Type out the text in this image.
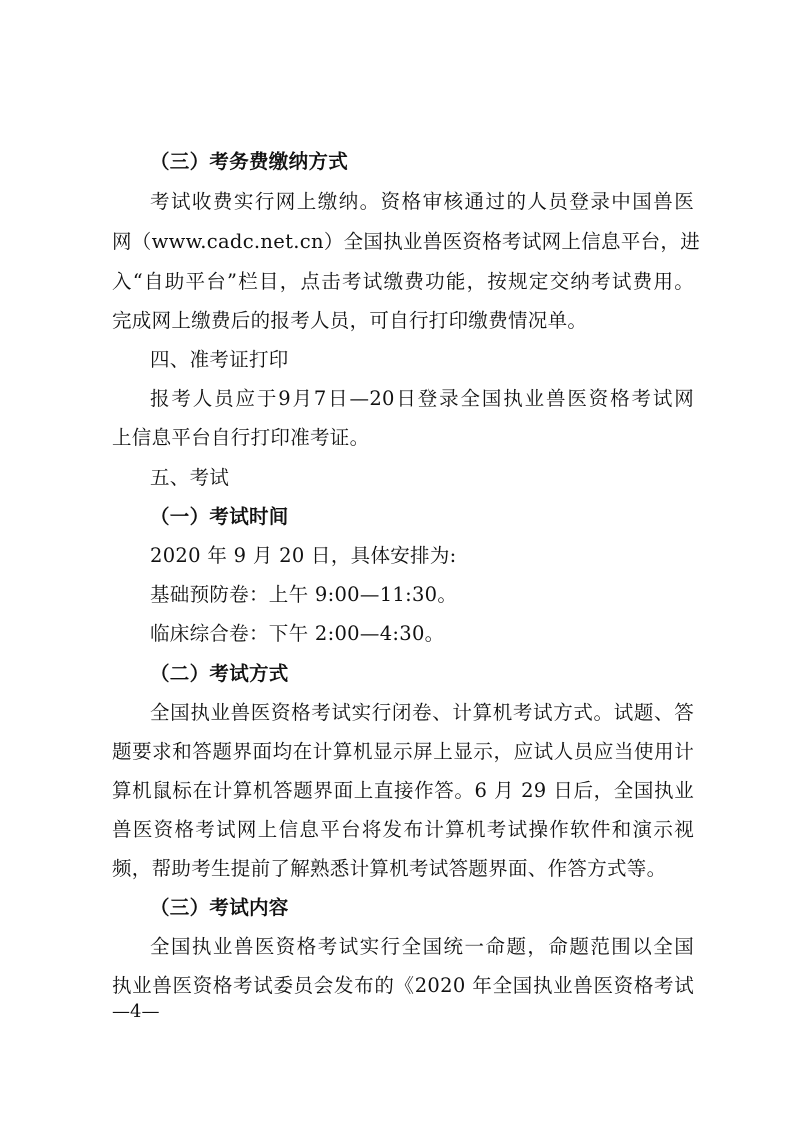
（三）考务费缴纳方式
考试收费实行网上缴纳。资格审核通过的人员登录中国兽医
网（www.cadc.net.cn）全国执业兽医资格考试网上信息平台，进
入“自助平台”栏目，点击考试缴费功能，按规定交纳考试费用。
完成网上缴费后的报考人员，可自行打印缴费情况单。
四、准考证打印
报考人员应于9月7日—20日登录全国执业兽医资格考试网
上信息平台自行打印准考证。
五、考试
（一）考试时间
2020 年 9 月 20 日，具体安排为:
基础预防卷：上午 9:00—11:30。
临床综合卷：下午 2:00—4:30。
（二）考试方式
全国执业兽医资格考试实行闭卷、计算机考试方式。试题、答
题要求和答题界面均在计算机显示屏上显示，应试人员应当使用计
算机鼠标在计算机答题界面上直接作答。6 月 29 日后，全国执业
兽医资格考试网上信息平台将发布计算机考试操作软件和演示视
频，帮助考生提前了解熟悉计算机考试答题界面、作答方式等。
（三）考试内容
全国执业兽医资格考试实行全国统一命题，命题范围以全国
执业兽医资格考试委员会发布的《2020 年全国执业兽医资格考试
—4—
